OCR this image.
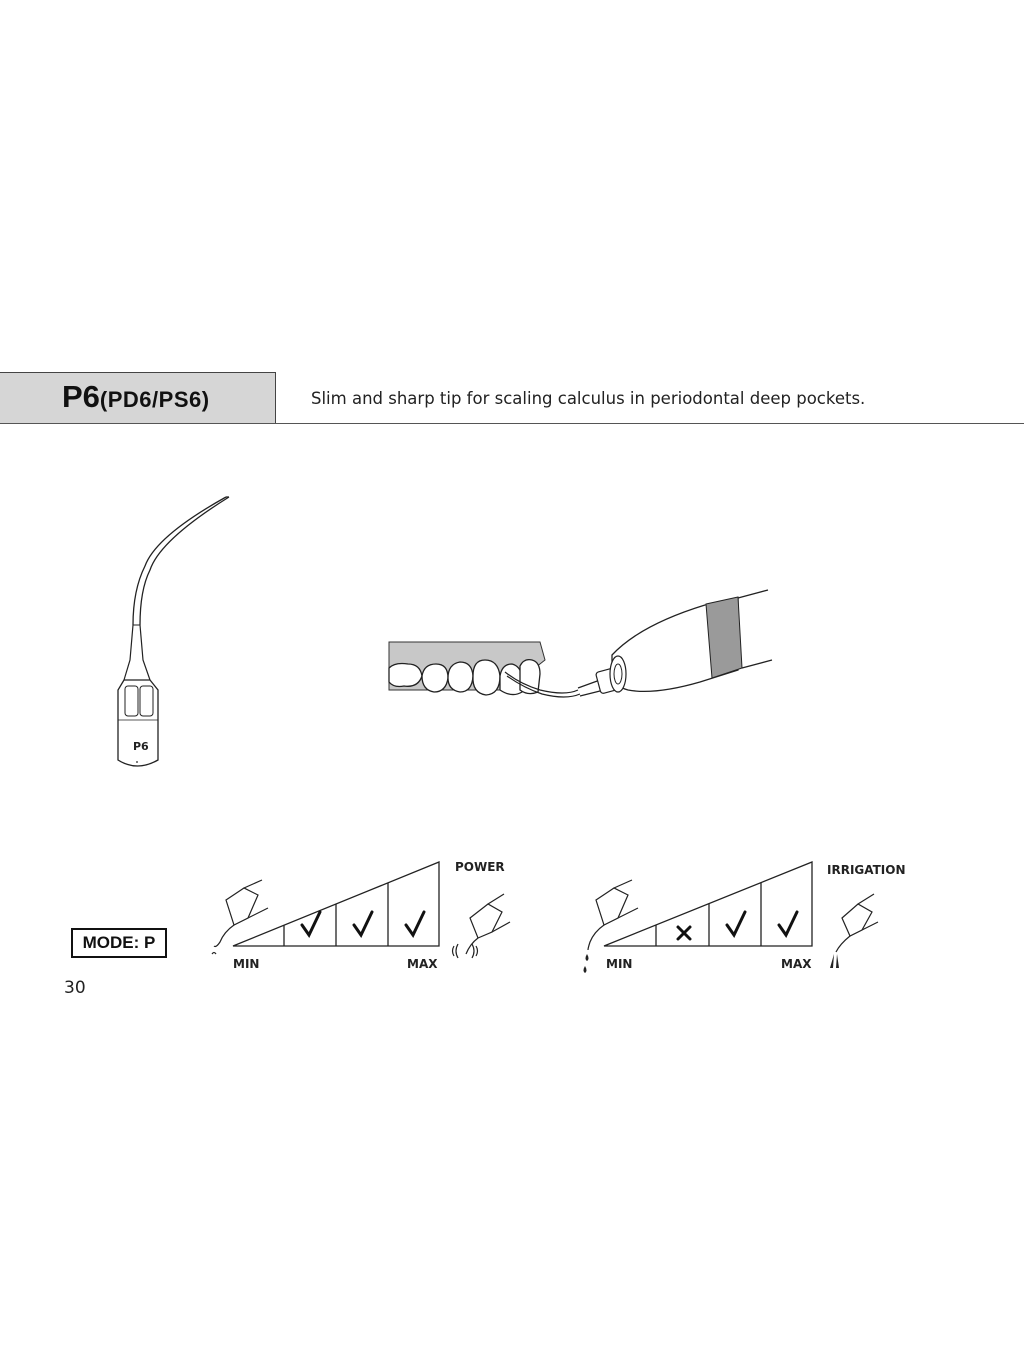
P6(PD6/PS6)	Slim and sharp tip for scaling calculus in periodontal deep pockets.
P6
MODE: P
MIN	MAX
POWER
MIN	MAX
IRRIGATION
30
